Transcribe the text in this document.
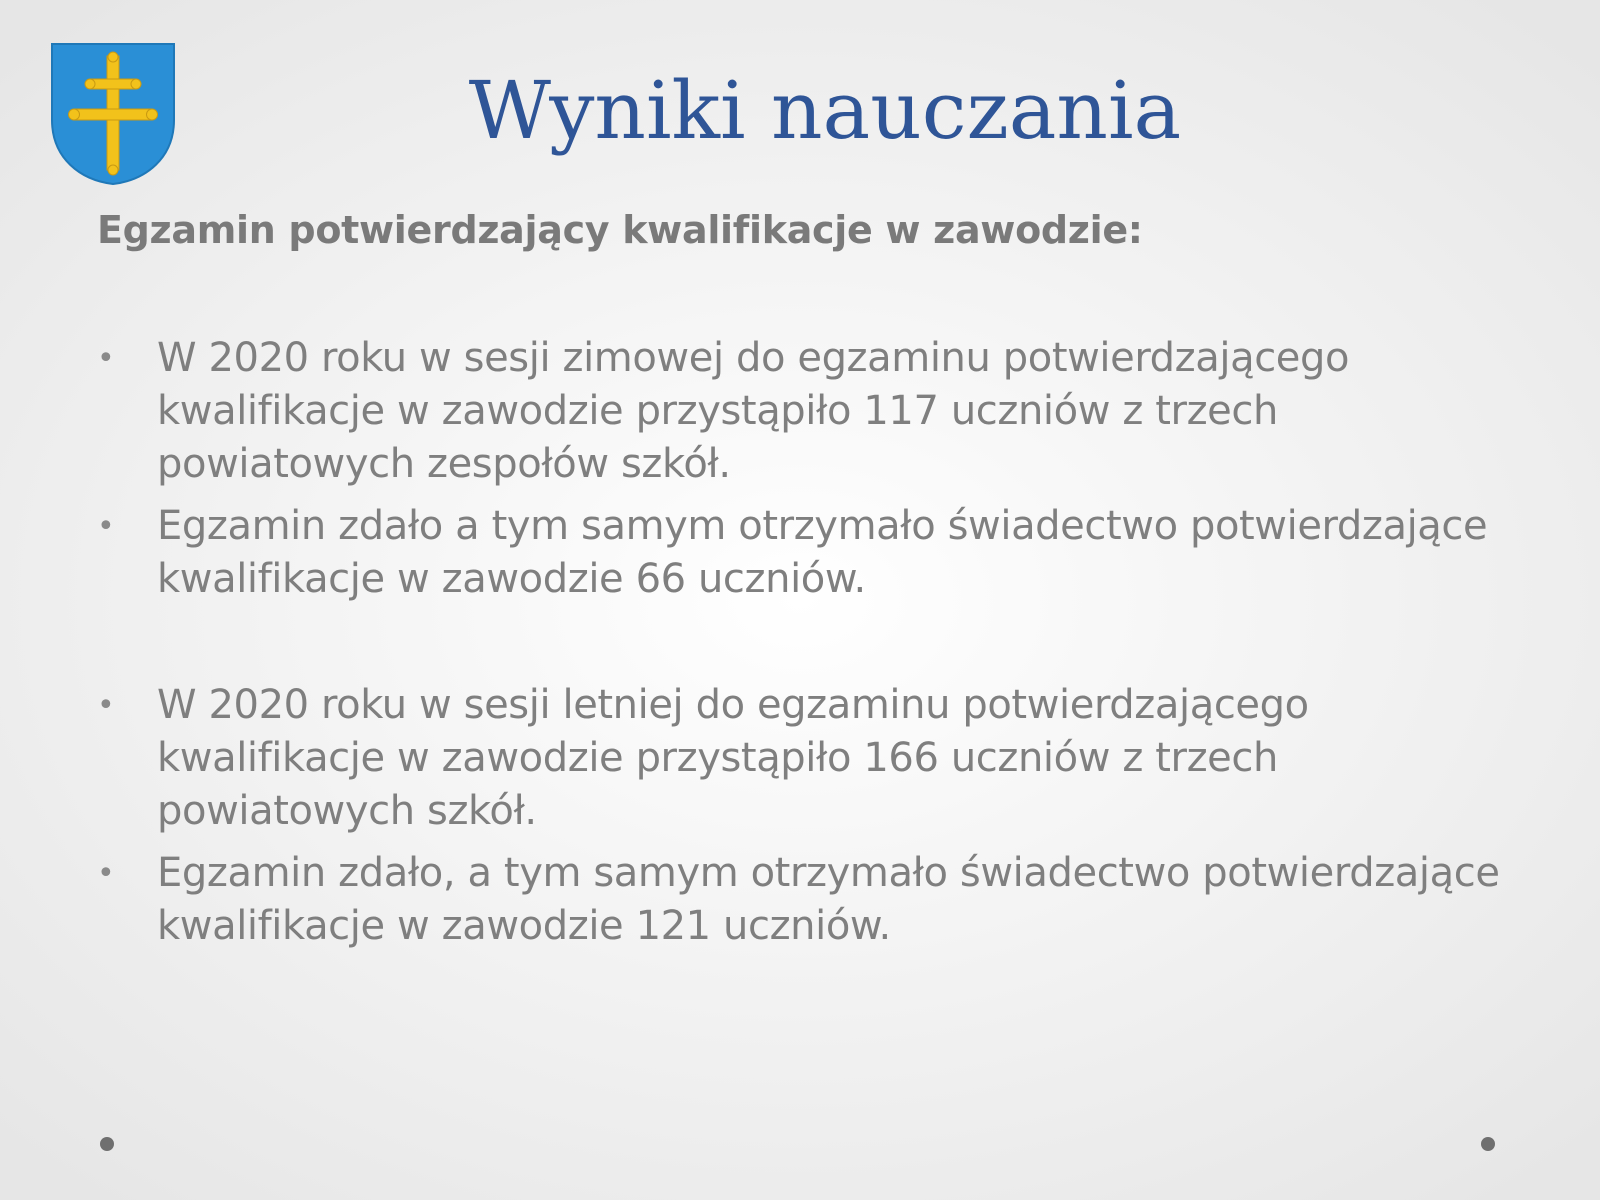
Wyniki nauczania

Egzamin potwierdzający kwalifikacje w zawodzie:

• W 2020 roku w sesji zimowej do egzaminu potwierdzającego kwalifikacje w zawodzie przystąpiło 117 uczniów z trzech powiatowych zespołów szkół.
• Egzamin zdało a tym samym otrzymało świadectwo potwierdzające kwalifikacje w zawodzie 66 uczniów.
• W 2020 roku w sesji letniej do egzaminu potwierdzającego kwalifikacje w zawodzie przystąpiło 166 uczniów z trzech powiatowych szkół.
• Egzamin zdało, a tym samym otrzymało świadectwo potwierdzające kwalifikacje w zawodzie 121 uczniów.
